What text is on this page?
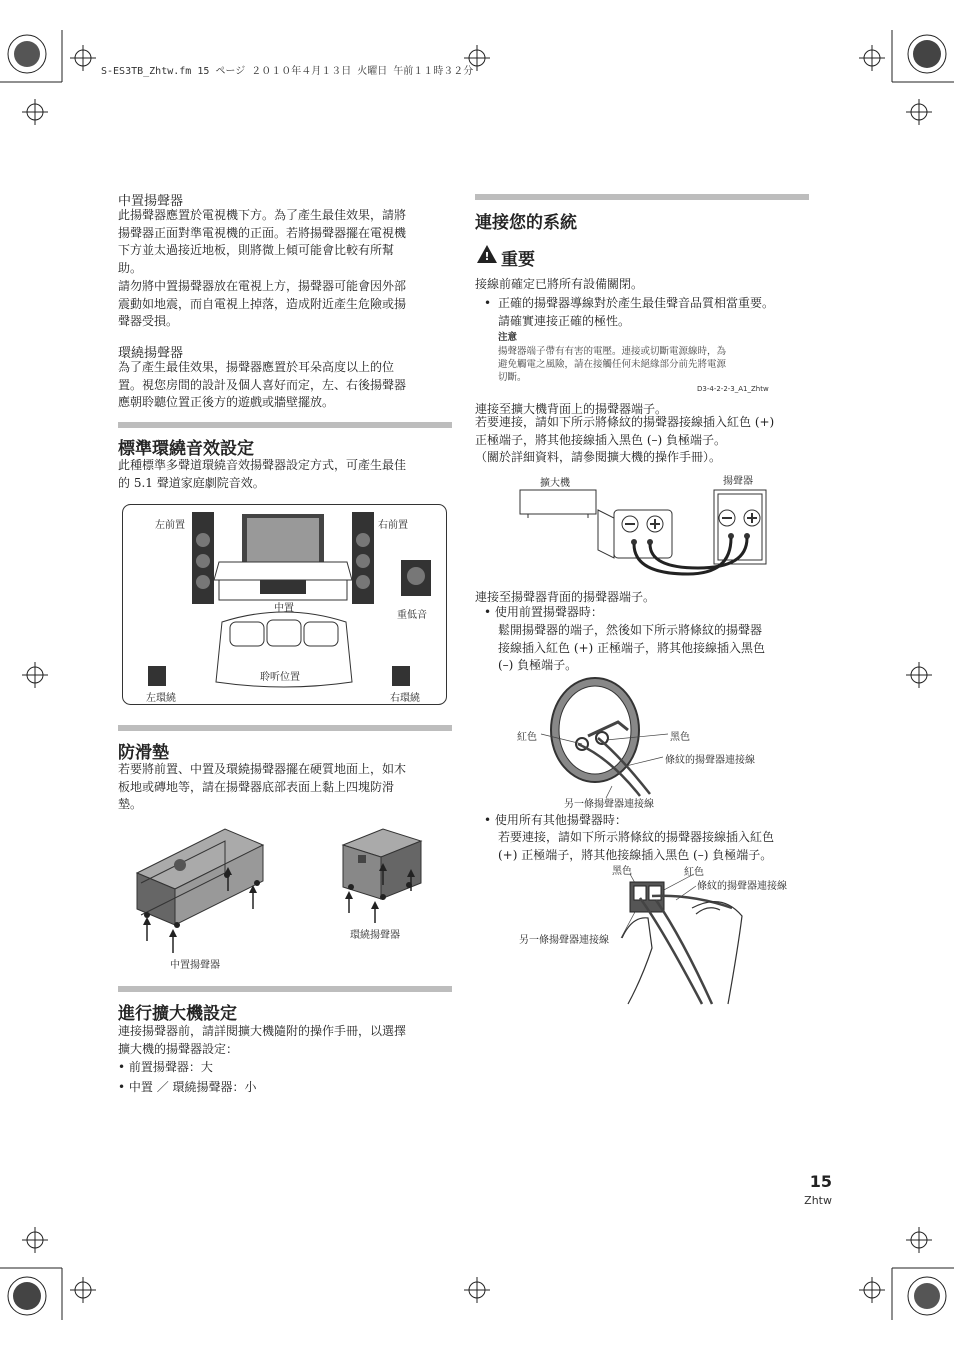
S-ES3TB_Zhtw.fm 15 ページ ２０１０年４月１３日 火曜日 午前１１時３２分
中置揚聲器
此揚聲器應置於電視機下方。為了產生最佳效果，請將
揚聲器正面對準電視機的正面。若將揚聲器擺在電視機
下方並太過接近地板，則將微上傾可能會比較有所幫
助。
請勿將中置揚聲器放在電視上方，揚聲器可能會因外部
震動如地震，而自電視上掉落，造成附近產生危險或揚
聲器受損。
環繞揚聲器
為了產生最佳效果，揚聲器應置於耳朵高度以上的位
置。視您房間的設計及個人喜好而定，左、右後揚聲器
應朝聆聽位置正後方的遊戲或牆壁擺放。
標準環繞音效設定
此種標準多聲道環繞音效揚聲器設定方式，可產生最佳
的 5.1 聲道家庭劇院音效。
左前置	右前置
中置
重低音
聆听位置
左環繞	右環繞
防滑墊
若要將前置、中置及環繞揚聲器擺在硬質地面上，如木
板地或磚地等，請在揚聲器底部表面上黏上四塊防滑
墊。
中置揚聲器
環繞揚聲器
進行擴大機設定
連接揚聲器前，請詳閱擴大機隨附的操作手冊，以選擇
擴大機的揚聲器設定：
• 前置揚聲器：大
• 中置 ／ 環繞揚聲器：小
連接您的系統
! 重要
接線前確定已將所有設備關閉。
• 正確的揚聲器導線對於產生最佳聲音品質相當重要。
請確實連接正確的極性。
注意
揚聲器端子帶有有害的電壓。連接或切斷電源線時，為
避免觸電之風險，請在接觸任何未絕緣部分前先將電源
切斷。
D3-4-2-2-3_A1_Zhtw
連接至擴大機背面上的揚聲器端子。
若要連接，請如下所示將條紋的揚聲器接線插入紅色 (+)
正極端子，將其他接線插入黑色 (–) 負極端子。
（關於詳細資料，請參閱擴大機的操作手冊）。
擴大機	揚聲器
連接至揚聲器背面的揚聲器端子。
• 使用前置揚聲器時：
鬆開揚聲器的端子，然後如下所示將條紋的揚聲器
接線插入紅色 (+) 正極端子，將其他接線插入黑色
(–) 負極端子。
紅色	黑色
條紋的揚聲器連接線
另一條揚聲器連接線
• 使用所有其他揚聲器時：
若要連接，請如下所示將條紋的揚聲器接線插入紅色
(+) 正極端子，將其他接線插入黑色 (–) 負極端子。
黑色	紅色
條紋的揚聲器連接線
另一條揚聲器連接線
15
Zhtw
